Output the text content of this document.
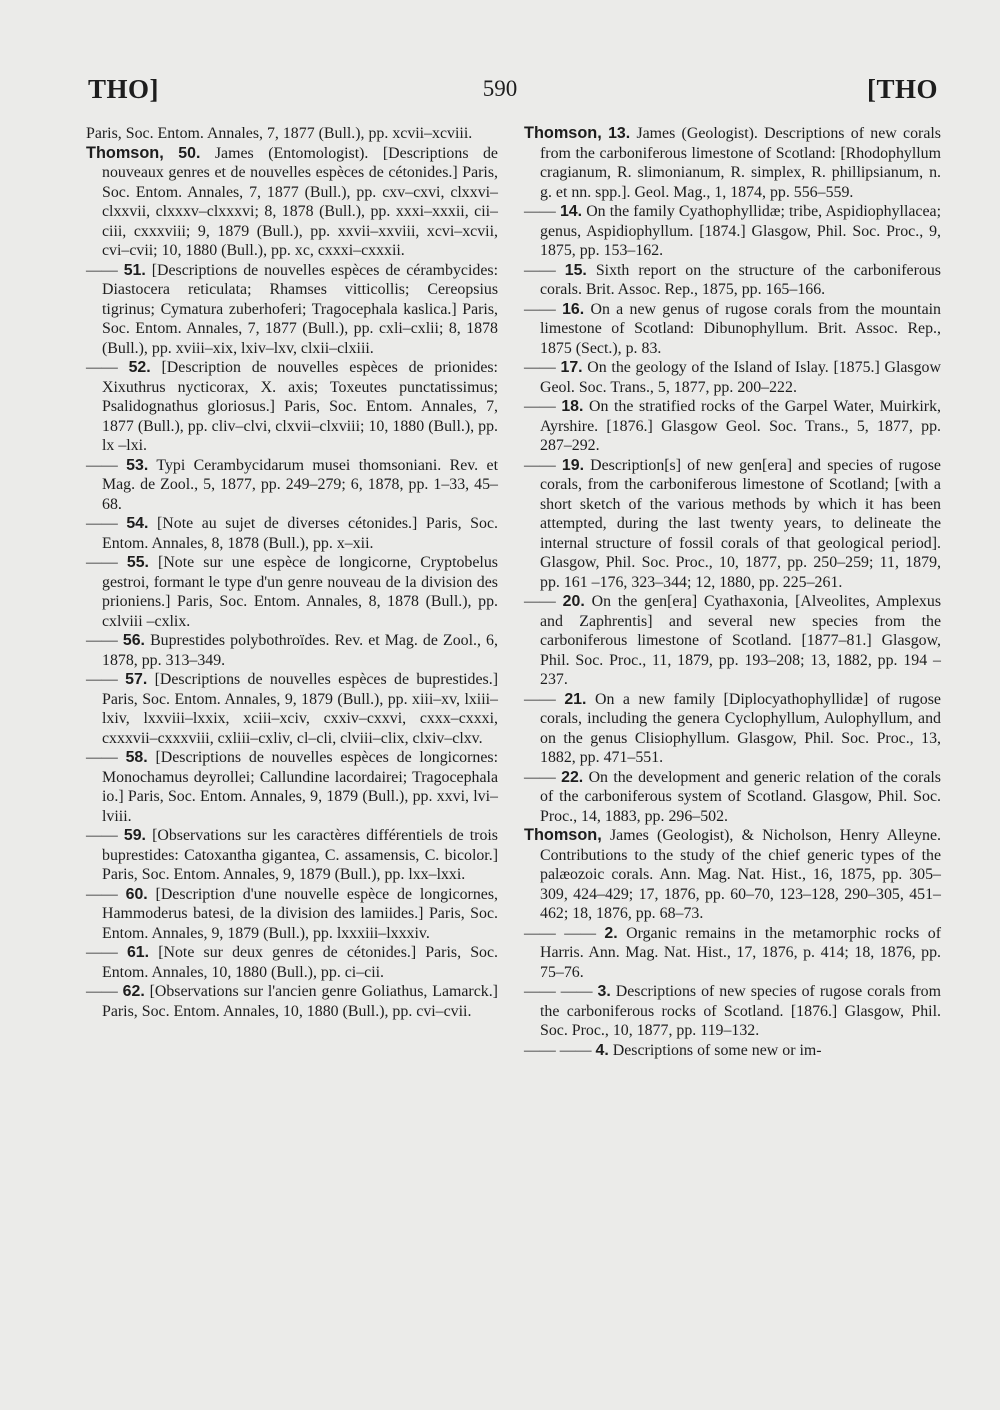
THO]	590	[THO

Paris, Soc. Entom. Annales, 7, 1877 (Bull.), pp. xcvii–xcviii.

Thomson, 50. James (Entomologist). [Descriptions de nouveaux genres et de nouvelles espèces de cétonides.] Paris, Soc. Entom. Annales, 7, 1877 (Bull.), pp. cxv–cxvi, clxxvi–clxxvii, clxxxv–clxxxvi; 8, 1878 (Bull.), pp. xxxi–xxxii, cii–ciii, cxxxviii; 9, 1879 (Bull.), pp. xxvii–xxviii, xcvi–xcvii, cvi–cvii; 10, 1880 (Bull.), pp. xc, cxxxi–cxxxii.

—— 51. [Descriptions de nouvelles espèces de cérambycides: Diastocera reticulata; Rhamses vitticollis; Cereopsius tigrinus; Cymatura zuberhoferi; Tragocephala kaslica.] Paris, Soc. Entom. Annales, 7, 1877 (Bull.), pp. cxli–cxlii; 8, 1878 (Bull.), pp. xviii–xix, lxiv–lxv, clxii–clxiii.

—— 52. [Description de nouvelles espèces de prionides: Xixuthrus nycticorax, X. axis; Toxeutes punctatissimus; Psalidognathus gloriosus.] Paris, Soc. Entom. Annales, 7, 1877 (Bull.), pp. cliv–clvi, clxvii–clxviii; 10, 1880 (Bull.), pp. lx –lxi.

—— 53. Typi Cerambycidarum musei thomsoniani. Rev. et Mag. de Zool., 5, 1877, pp. 249–279; 6, 1878, pp. 1–33, 45–68.

—— 54. [Note au sujet de diverses cétonides.] Paris, Soc. Entom. Annales, 8, 1878 (Bull.), pp. x–xii.

—— 55. [Note sur une espèce de longicorne, Cryptobelus gestroi, formant le type d'un genre nouveau de la division des prioniens.] Paris, Soc. Entom. Annales, 8, 1878 (Bull.), pp. cxlviii –cxlix.

—— 56. Buprestides polybothroïdes. Rev. et Mag. de Zool., 6, 1878, pp. 313–349.

—— 57. [Descriptions de nouvelles espèces de buprestides.] Paris, Soc. Entom. Annales, 9, 1879 (Bull.), pp. xiii–xv, lxiii–lxiv, lxxviii–lxxix, xciii–xciv, cxxiv–cxxvi, cxxx–cxxxi, cxxxvii–cxxxviii, cxliii–cxliv, cl–cli, clviii–clix, clxiv–clxv.

—— 58. [Descriptions de nouvelles espèces de longicornes: Monochamus deyrollei; Callundine lacordairei; Tragocephala io.] Paris, Soc. Entom. Annales, 9, 1879 (Bull.), pp. xxvi, lvi–lviii.

—— 59. [Observations sur les caractères différentiels de trois buprestides: Catoxantha gigantea, C. assamensis, C. bicolor.] Paris, Soc. Entom. Annales, 9, 1879 (Bull.), pp. lxx–lxxi.

—— 60. [Description d'une nouvelle espèce de longicornes, Hammoderus batesi, de la division des lamiides.] Paris, Soc. Entom. Annales, 9, 1879 (Bull.), pp. lxxxiii–lxxxiv.

—— 61. [Note sur deux genres de cétonides.] Paris, Soc. Entom. Annales, 10, 1880 (Bull.), pp. ci–cii.

—— 62. [Observations sur l'ancien genre Goliathus, Lamarck.] Paris, Soc. Entom. Annales, 10, 1880 (Bull.), pp. cvi–cvii.

Thomson, 13. James (Geologist). Descriptions of new corals from the carboniferous limestone of Scotland: [Rhodophyllum cragianum, R. slimonianum, R. simplex, R. phillipsianum, n. g. et nn. spp.]. Geol. Mag., 1, 1874, pp. 556–559.

—— 14. On the family Cyathophyllidæ; tribe, Aspidiophyllacea; genus, Aspidiophyllum. [1874.] Glasgow, Phil. Soc. Proc., 9, 1875, pp. 153–162.

—— 15. Sixth report on the structure of the carboniferous corals. Brit. Assoc. Rep., 1875, pp. 165–166.

—— 16. On a new genus of rugose corals from the mountain limestone of Scotland: Dibunophyllum. Brit. Assoc. Rep., 1875 (Sect.), p. 83.

—— 17. On the geology of the Island of Islay. [1875.] Glasgow Geol. Soc. Trans., 5, 1877, pp. 200–222.

—— 18. On the stratified rocks of the Garpel Water, Muirkirk, Ayrshire. [1876.] Glasgow Geol. Soc. Trans., 5, 1877, pp. 287–292.

—— 19. Description[s] of new gen[era] and species of rugose corals, from the carboniferous limestone of Scotland; [with a short sketch of the various methods by which it has been attempted, during the last twenty years, to delineate the internal structure of fossil corals of that geological period]. Glasgow, Phil. Soc. Proc., 10, 1877, pp. 250–259; 11, 1879, pp. 161 –176, 323–344; 12, 1880, pp. 225–261.

—— 20. On the gen[era] Cyathaxonia, [Alveolites, Amplexus and Zaphrentis] and several new species from the carboniferous limestone of Scotland. [1877–81.] Glasgow, Phil. Soc. Proc., 11, 1879, pp. 193–208; 13, 1882, pp. 194 –237.

—— 21. On a new family [Diplocyathophyllidæ] of rugose corals, including the genera Cyclophyllum, Aulophyllum, and on the genus Clisiophyllum. Glasgow, Phil. Soc. Proc., 13, 1882, pp. 471–551.

—— 22. On the development and generic relation of the corals of the carboniferous system of Scotland. Glasgow, Phil. Soc. Proc., 14, 1883, pp. 296–502.

Thomson, James (Geologist), & Nicholson, Henry Alleyne. Contributions to the study of the chief generic types of the palæozoic corals. Ann. Mag. Nat. Hist., 16, 1875, pp. 305–309, 424–429; 17, 1876, pp. 60–70, 123–128, 290–305, 451–462; 18, 1876, pp. 68–73.

—— —— 2. Organic remains in the metamorphic rocks of Harris. Ann. Mag. Nat. Hist., 17, 1876, p. 414; 18, 1876, pp. 75–76.

—— —— 3. Descriptions of new species of rugose corals from the carboniferous rocks of Scotland. [1876.] Glasgow, Phil. Soc. Proc., 10, 1877, pp. 119–132.

—— —— 4. Descriptions of some new or im-
